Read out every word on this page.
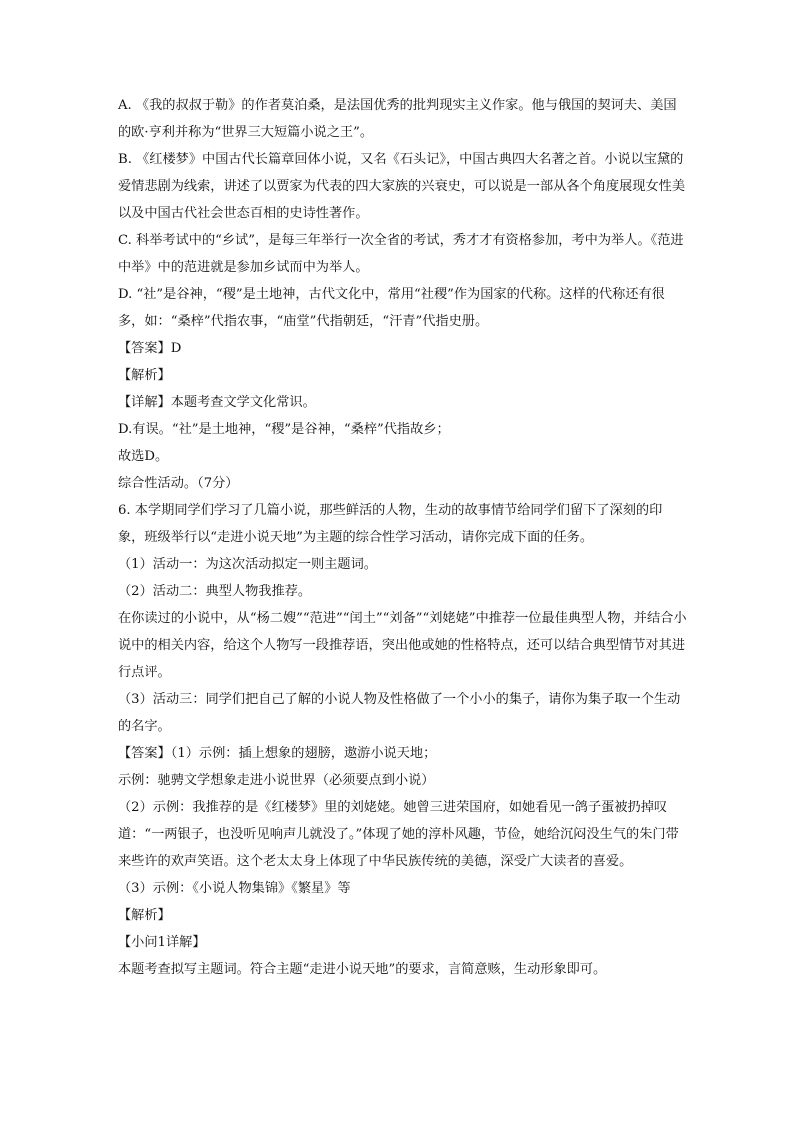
A. 《我的叔叔于勒》的作者莫泊桑，是法国优秀的批判现实主义作家。他与俄国的契诃夫、美国的欧·亨利并称为“世界三大短篇小说之王”。

B. 《红楼梦》中国古代长篇章回体小说，又名《石头记》，中国古典四大名著之首。小说以宝黛的爱情悲剧为线索，讲述了以贾家为代表的四大家族的兴衰史，可以说是一部从各个角度展现女性美以及中国古代社会世态百相的史诗性著作。

C. 科举考试中的“乡试”，是每三年举行一次全省的考试，秀才才有资格参加，考中为举人。《范进中举》中的范进就是参加乡试而中为举人。

D. “社”是谷神，“稷”是土地神，古代文化中，常用“社稷”作为国家的代称。这样的代称还有很多，如：“桑梓”代指农事，“庙堂”代指朝廷，“汗青”代指史册。

【答案】D

【解析】

【详解】本题考查文学文化常识。

D.有误。“社”是土地神，“稷”是谷神，“桑梓”代指故乡；

故选D。

综合性活动。（7分）

6. 本学期同学们学习了几篇小说，那些鲜活的人物，生动的故事情节给同学们留下了深刻的印象，班级举行以“走进小说天地”为主题的综合性学习活动，请你完成下面的任务。

（1）活动一：为这次活动拟定一则主题词。

（2）活动二：典型人物我推荐。

在你读过的小说中，从“杨二嫂”“范进”“闰土”“刘备”“刘姥姥”中推荐一位最佳典型人物，并结合小说中的相关内容，给这个人物写一段推荐语，突出他或她的性格特点，还可以结合典型情节对其进行点评。

（3）活动三：同学们把自己了解的小说人物及性格做了一个小小的集子，请你为集子取一个生动的名字。

【答案】（1）示例：插上想象的翅膀，遨游小说天地；

示例：驰骋文学想象走进小说世界（必须要点到小说）

（2）示例：我推荐的是《红楼梦》里的刘姥姥。她曾三进荣国府，如她看见一鸽子蛋被扔掉叹道：“一两银子，也没听见响声儿就没了。”体现了她的淳朴风趣，节俭，她给沉闷没生气的朱门带来些许的欢声笑语。这个老太太身上体现了中华民族传统的美德，深受广大读者的喜爱。

（3）示例：《小说人物集锦》《繁星》等

【解析】

【小问1详解】

本题考查拟写主题词。符合主题“走进小说天地”的要求，言简意赅，生动形象即可。
